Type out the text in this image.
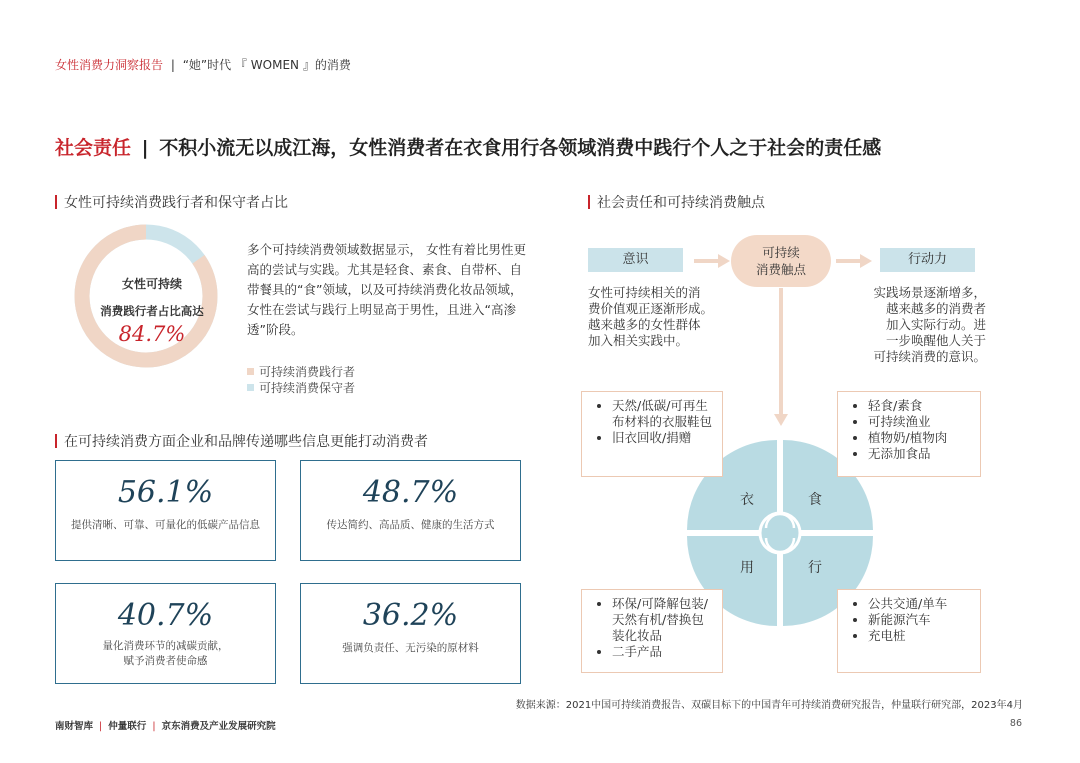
女性消费力洞察报告 | “她”时代 『 WOMEN 』的消费
社会责任 | 不积小流无以成江海，女性消费者在衣食用行各领域消费中践行个人之于社会的责任感
女性可持续消费践行者和保守者占比
女性可持续
消费践行者占比高达
84.7%
多个可持续消费领域数据显示， 女性有着比男性更高的尝试与实践。尤其是轻食、素食、自带杯、自带餐具的“食”领域，以及可持续消费化妆品领域，女性在尝试与践行上明显高于男性，且进入“高渗透”阶段。
可持续消费践行者
可持续消费保守者
在可持续消费方面企业和品牌传递哪些信息更能打动消费者
56.1%
提供清晰、可靠、可量化的低碳产品信息
48.7%
传达简约、高品质、健康的生活方式
40.7%
量化消费环节的减碳贡献，
赋予消费者使命感
36.2%
强调负责任、无污染的原材料
社会责任和可持续消费触点
意识	可持续
消费触点
行动力
女性可持续相关的消
费价值观正逐渐形成。
越来越多的女性群体
加入相关实践中。
实践场景逐渐增多，
越来越多的消费者
加入实际行动。进
一步唤醒他人关于
可持续消费的意识。
• 天然/低碳/可再生布材料的衣服鞋包
• 旧衣回收/捐赠
• 轻食/素食
• 可持续渔业
• 植物奶/植物肉
• 无添加食品
• 环保/可降解包装/天然有机/替换包装化妆品
• 二手产品
• 公共交通/单车
• 新能源汽车
• 充电桩
衣	食
用	行
数据来源：2021中国可持续消费报告、双碳目标下的中国青年可持续消费研究报告，仲量联行研究部，2023年4月
南财智库 | 仲量联行 | 京东消费及产业发展研究院	86
